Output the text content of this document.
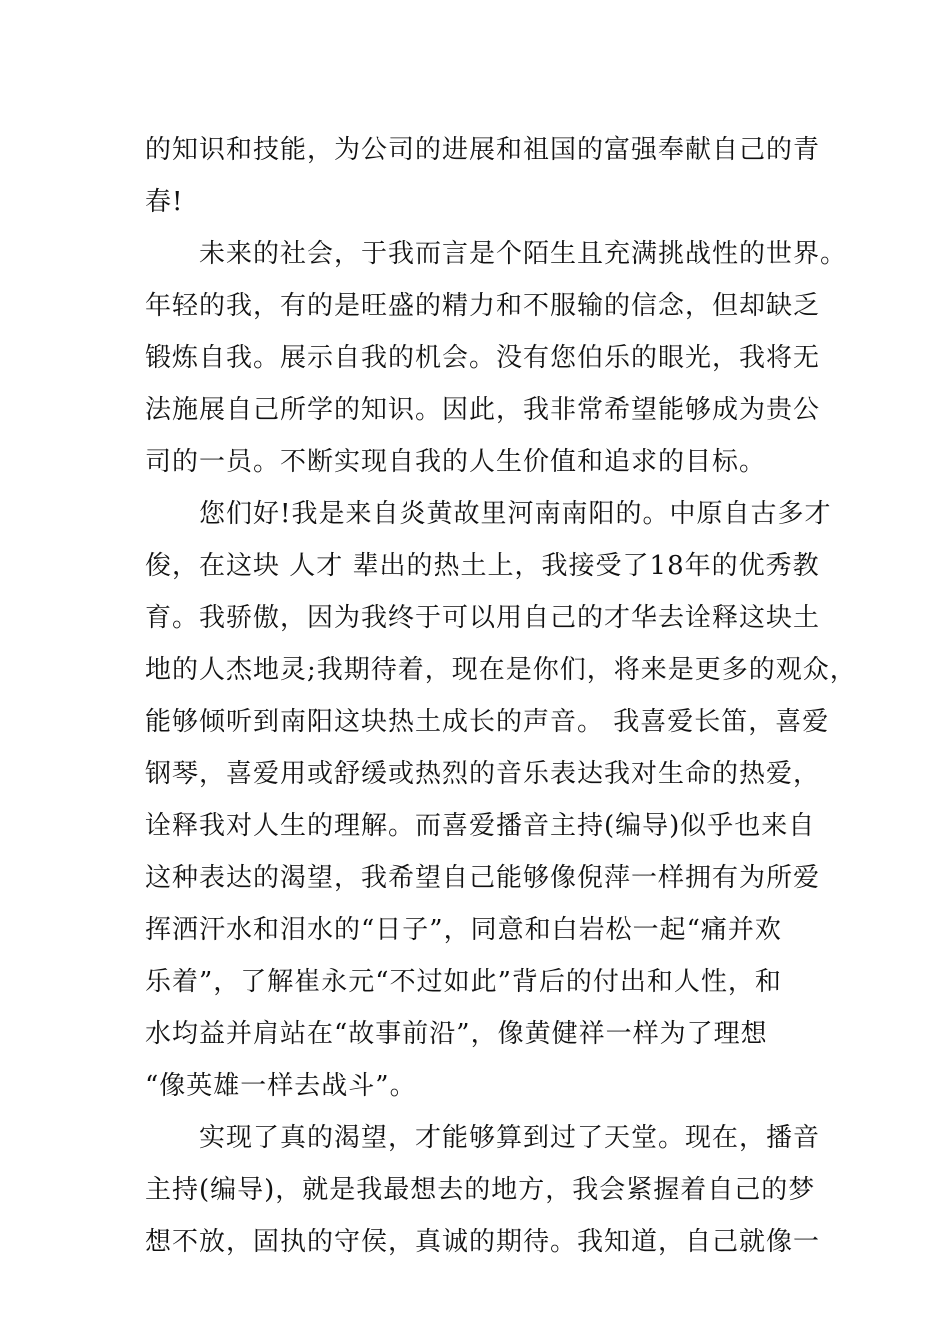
的知识和技能，为公司的进展和祖国的富强奉献自己的青
春!
未来的社会，于我而言是个陌生且充满挑战性的世界。
年轻的我，有的是旺盛的精力和不服输的信念，但却缺乏
锻炼自我。展示自我的机会。没有您伯乐的眼光，我将无
法施展自己所学的知识。因此，我非常希望能够成为贵公
司的一员。不断实现自我的人生价值和追求的目标。
您们好!我是来自炎黄故里河南南阳的。中原自古多才
俊，在这块 人才 辈出的热土上，我接受了18年的优秀教
育。我骄傲，因为我终于可以用自己的才华去诠释这块土
地的人杰地灵;我期待着，现在是你们，将来是更多的观众，
能够倾听到南阳这块热土成长的声音。 我喜爱长笛，喜爱
钢琴，喜爱用或舒缓或热烈的音乐表达我对生命的热爱，
诠释我对人生的理解。而喜爱播音主持(编导)似乎也来自
这种表达的渴望，我希望自己能够像倪萍一样拥有为所爱
挥洒汗水和泪水的“日子”，同意和白岩松一起“痛并欢
乐着”，了解崔永元“不过如此”背后的付出和人性，和
水均益并肩站在“故事前沿”，像黄健祥一样为了理想
“像英雄一样去战斗”。
实现了真的渴望，才能够算到过了天堂。现在，播音
主持(编导)，就是我最想去的地方，我会紧握着自己的梦
想不放，固执的守侯，真诚的期待。我知道，自己就像一
